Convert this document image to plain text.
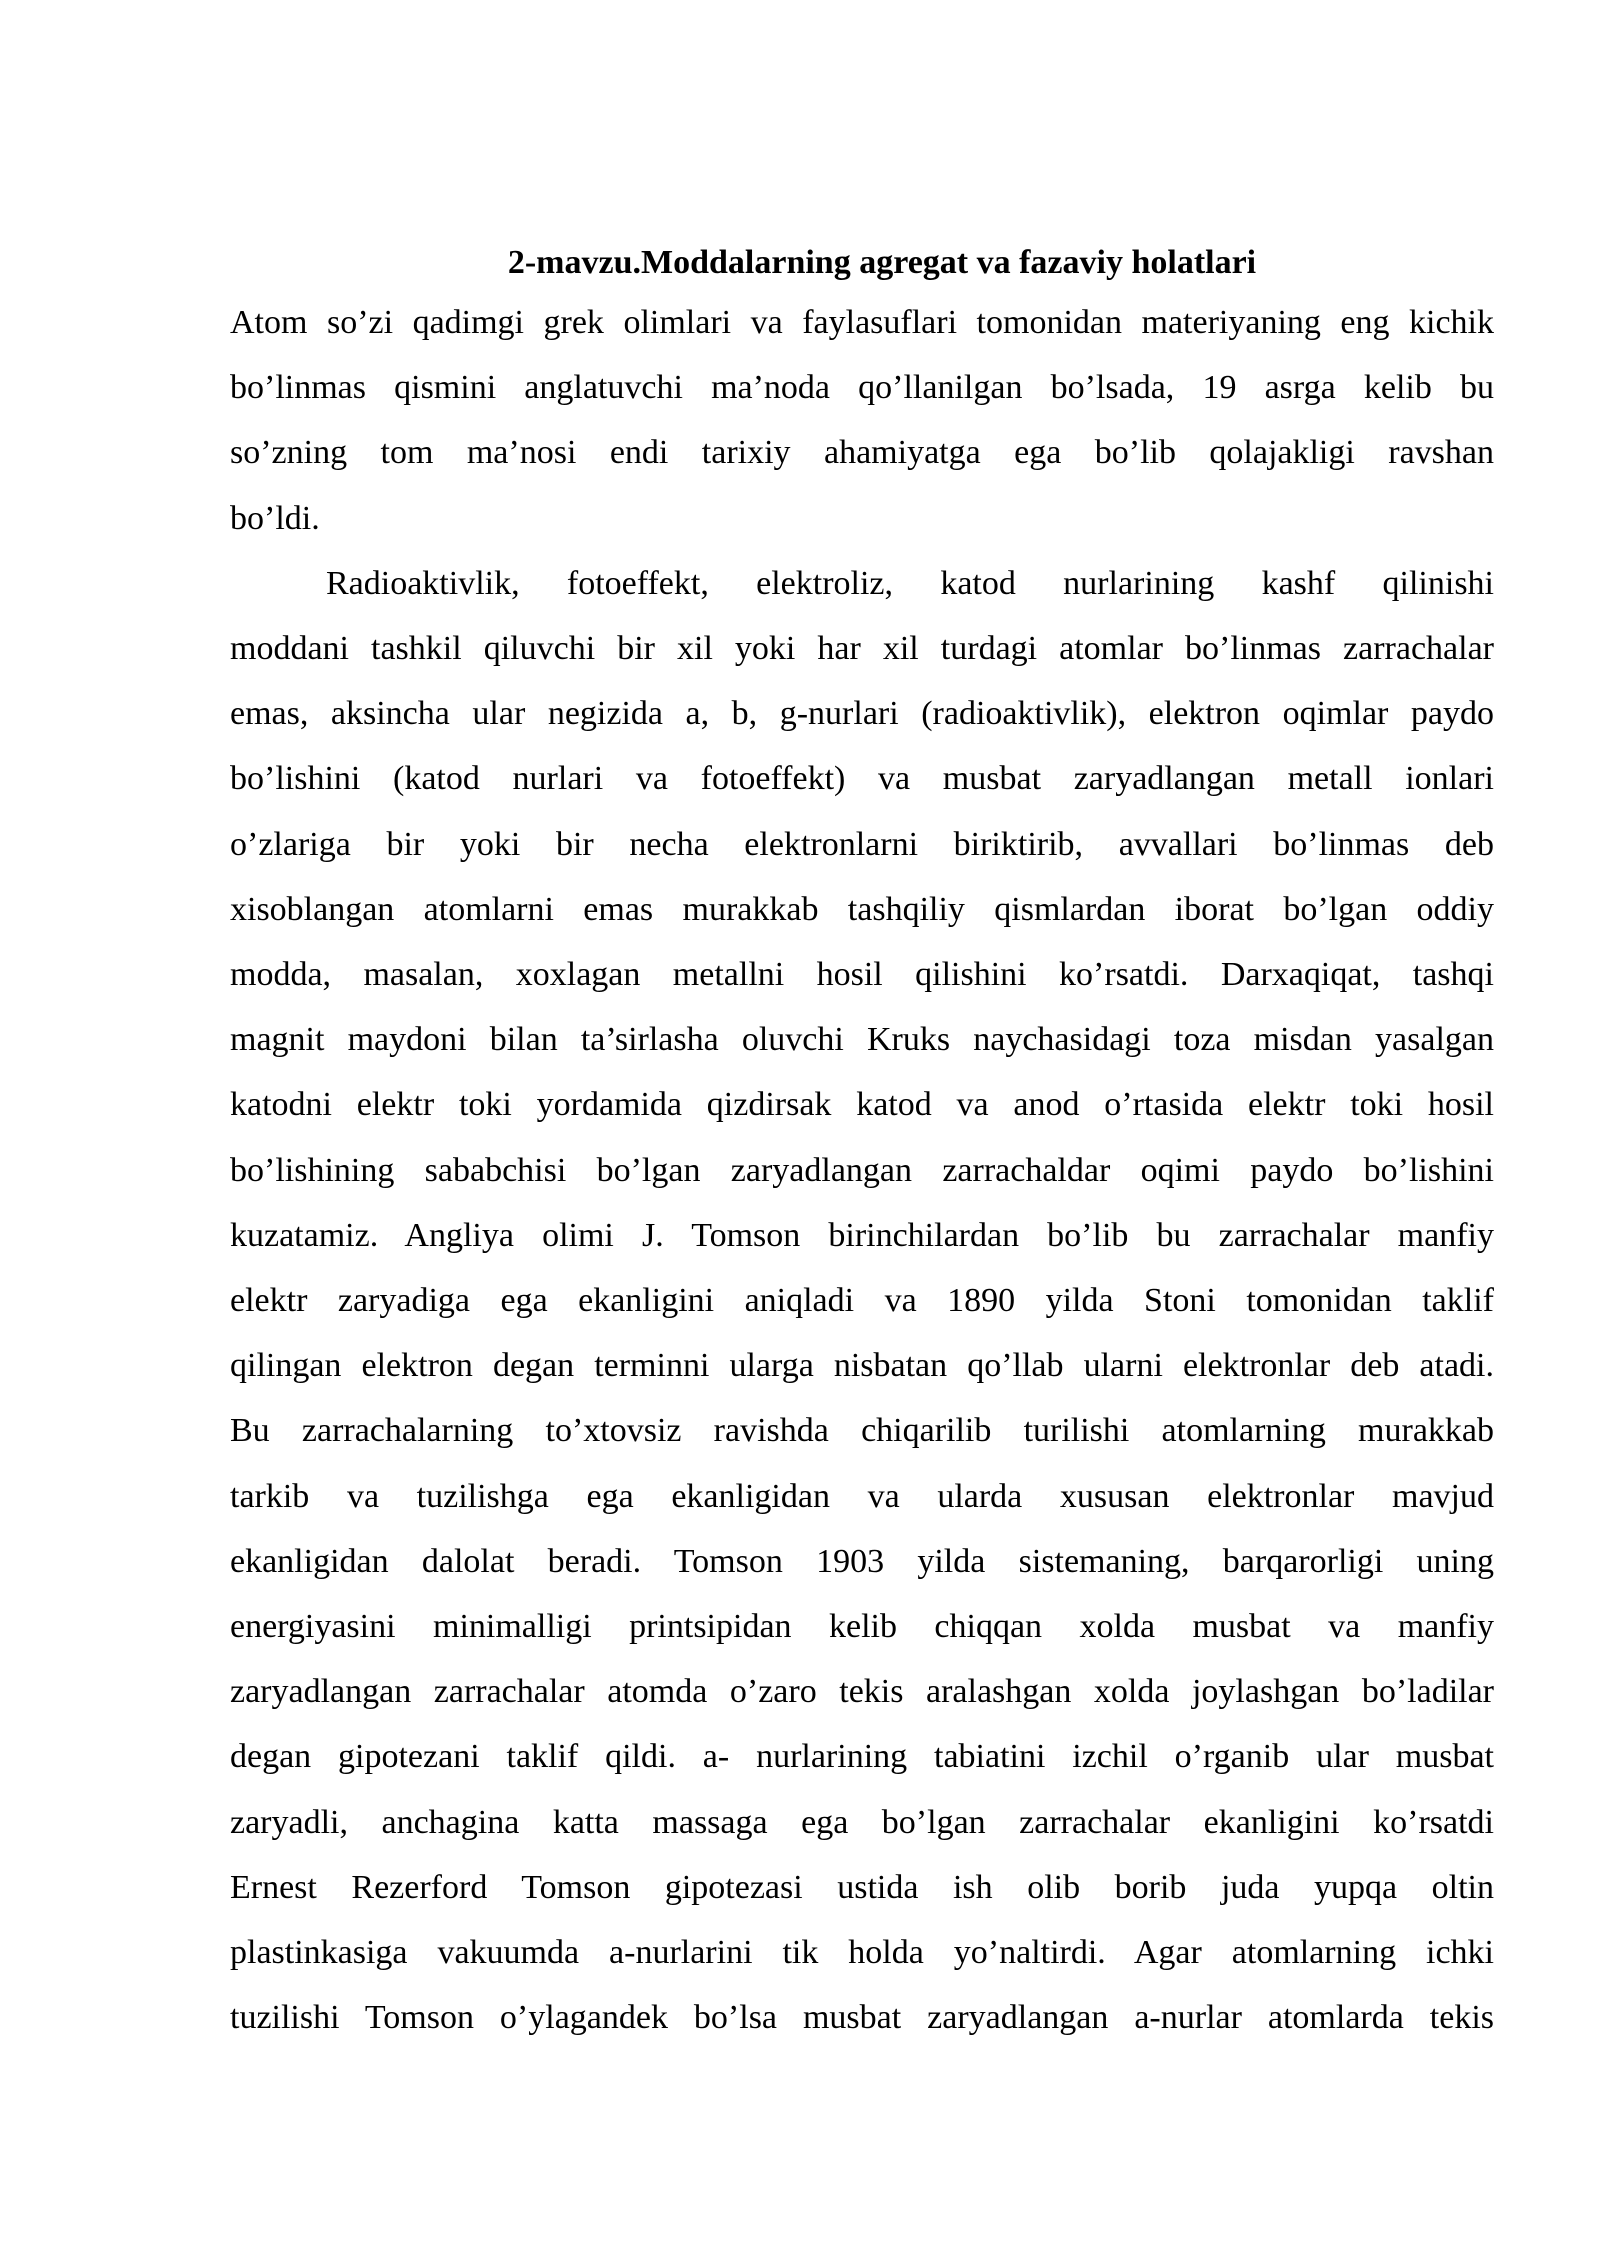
2-mavzu.Moddalarning agregat va fazaviy holatlari
Atom so’zi qadimgi grek olimlari va faylasuflari tomonidan materiyaning eng kichik
bo’linmas qismini anglatuvchi ma’noda qo’llanilgan bo’lsada, 19 asrga kelib bu
so’zning tom ma’nosi endi tarixiy ahamiyatga ega bo’lib qolajakligi ravshan
bo’ldi.
Radioaktivlik, fotoeffekt, elektroliz, katod nurlarining kashf qilinishi
moddani tashkil qiluvchi bir xil yoki har xil turdagi atomlar bo’linmas zarrachalar
emas, aksincha ular negizida a, b, g-nurlari (radioaktivlik), elektron oqimlar paydo
bo’lishini (katod nurlari va fotoeffekt) va musbat zaryadlangan metall ionlari
o’zlariga bir yoki bir necha elektronlarni biriktirib, avvallari bo’linmas deb
xisoblangan atomlarni emas murakkab tashqiliy qismlardan iborat bo’lgan oddiy
modda, masalan, xoxlagan metallni hosil qilishini ko’rsatdi. Darxaqiqat, tashqi
magnit maydoni bilan ta’sirlasha oluvchi Kruks naychasidagi toza misdan yasalgan
katodni elektr toki yordamida qizdirsak katod va anod o’rtasida elektr toki hosil
bo’lishining sababchisi bo’lgan zaryadlangan zarrachaldar oqimi paydo bo’lishini
kuzatamiz. Angliya olimi J. Tomson birinchilardan bo’lib bu zarrachalar manfiy
elektr zaryadiga ega ekanligini aniqladi va 1890 yilda Stoni tomonidan taklif
qilingan elektron degan terminni ularga nisbatan qo’llab ularni elektronlar deb atadi.
Bu zarrachalarning to’xtovsiz ravishda chiqarilib turilishi atomlarning murakkab
tarkib va tuzilishga ega ekanligidan va ularda xususan elektronlar mavjud
ekanligidan dalolat beradi. Tomson 1903 yilda sistemaning, barqarorligi uning
energiyasini minimalligi printsipidan kelib chiqqan xolda musbat va manfiy
zaryadlangan zarrachalar atomda o’zaro tekis aralashgan xolda joylashgan bo’ladilar
degan gipotezani taklif qildi. a- nurlarining tabiatini izchil o’rganib ular musbat
zaryadli, anchagina katta massaga ega bo’lgan zarrachalar ekanligini ko’rsatdi
Ernest Rezerford Tomson gipotezasi ustida ish olib borib juda yupqa oltin
plastinkasiga vakuumda a-nurlarini tik holda yo’naltirdi. Agar atomlarning ichki
tuzilishi Tomson o’ylagandek bo’lsa musbat zaryadlangan a-nurlar atomlarda tekis
